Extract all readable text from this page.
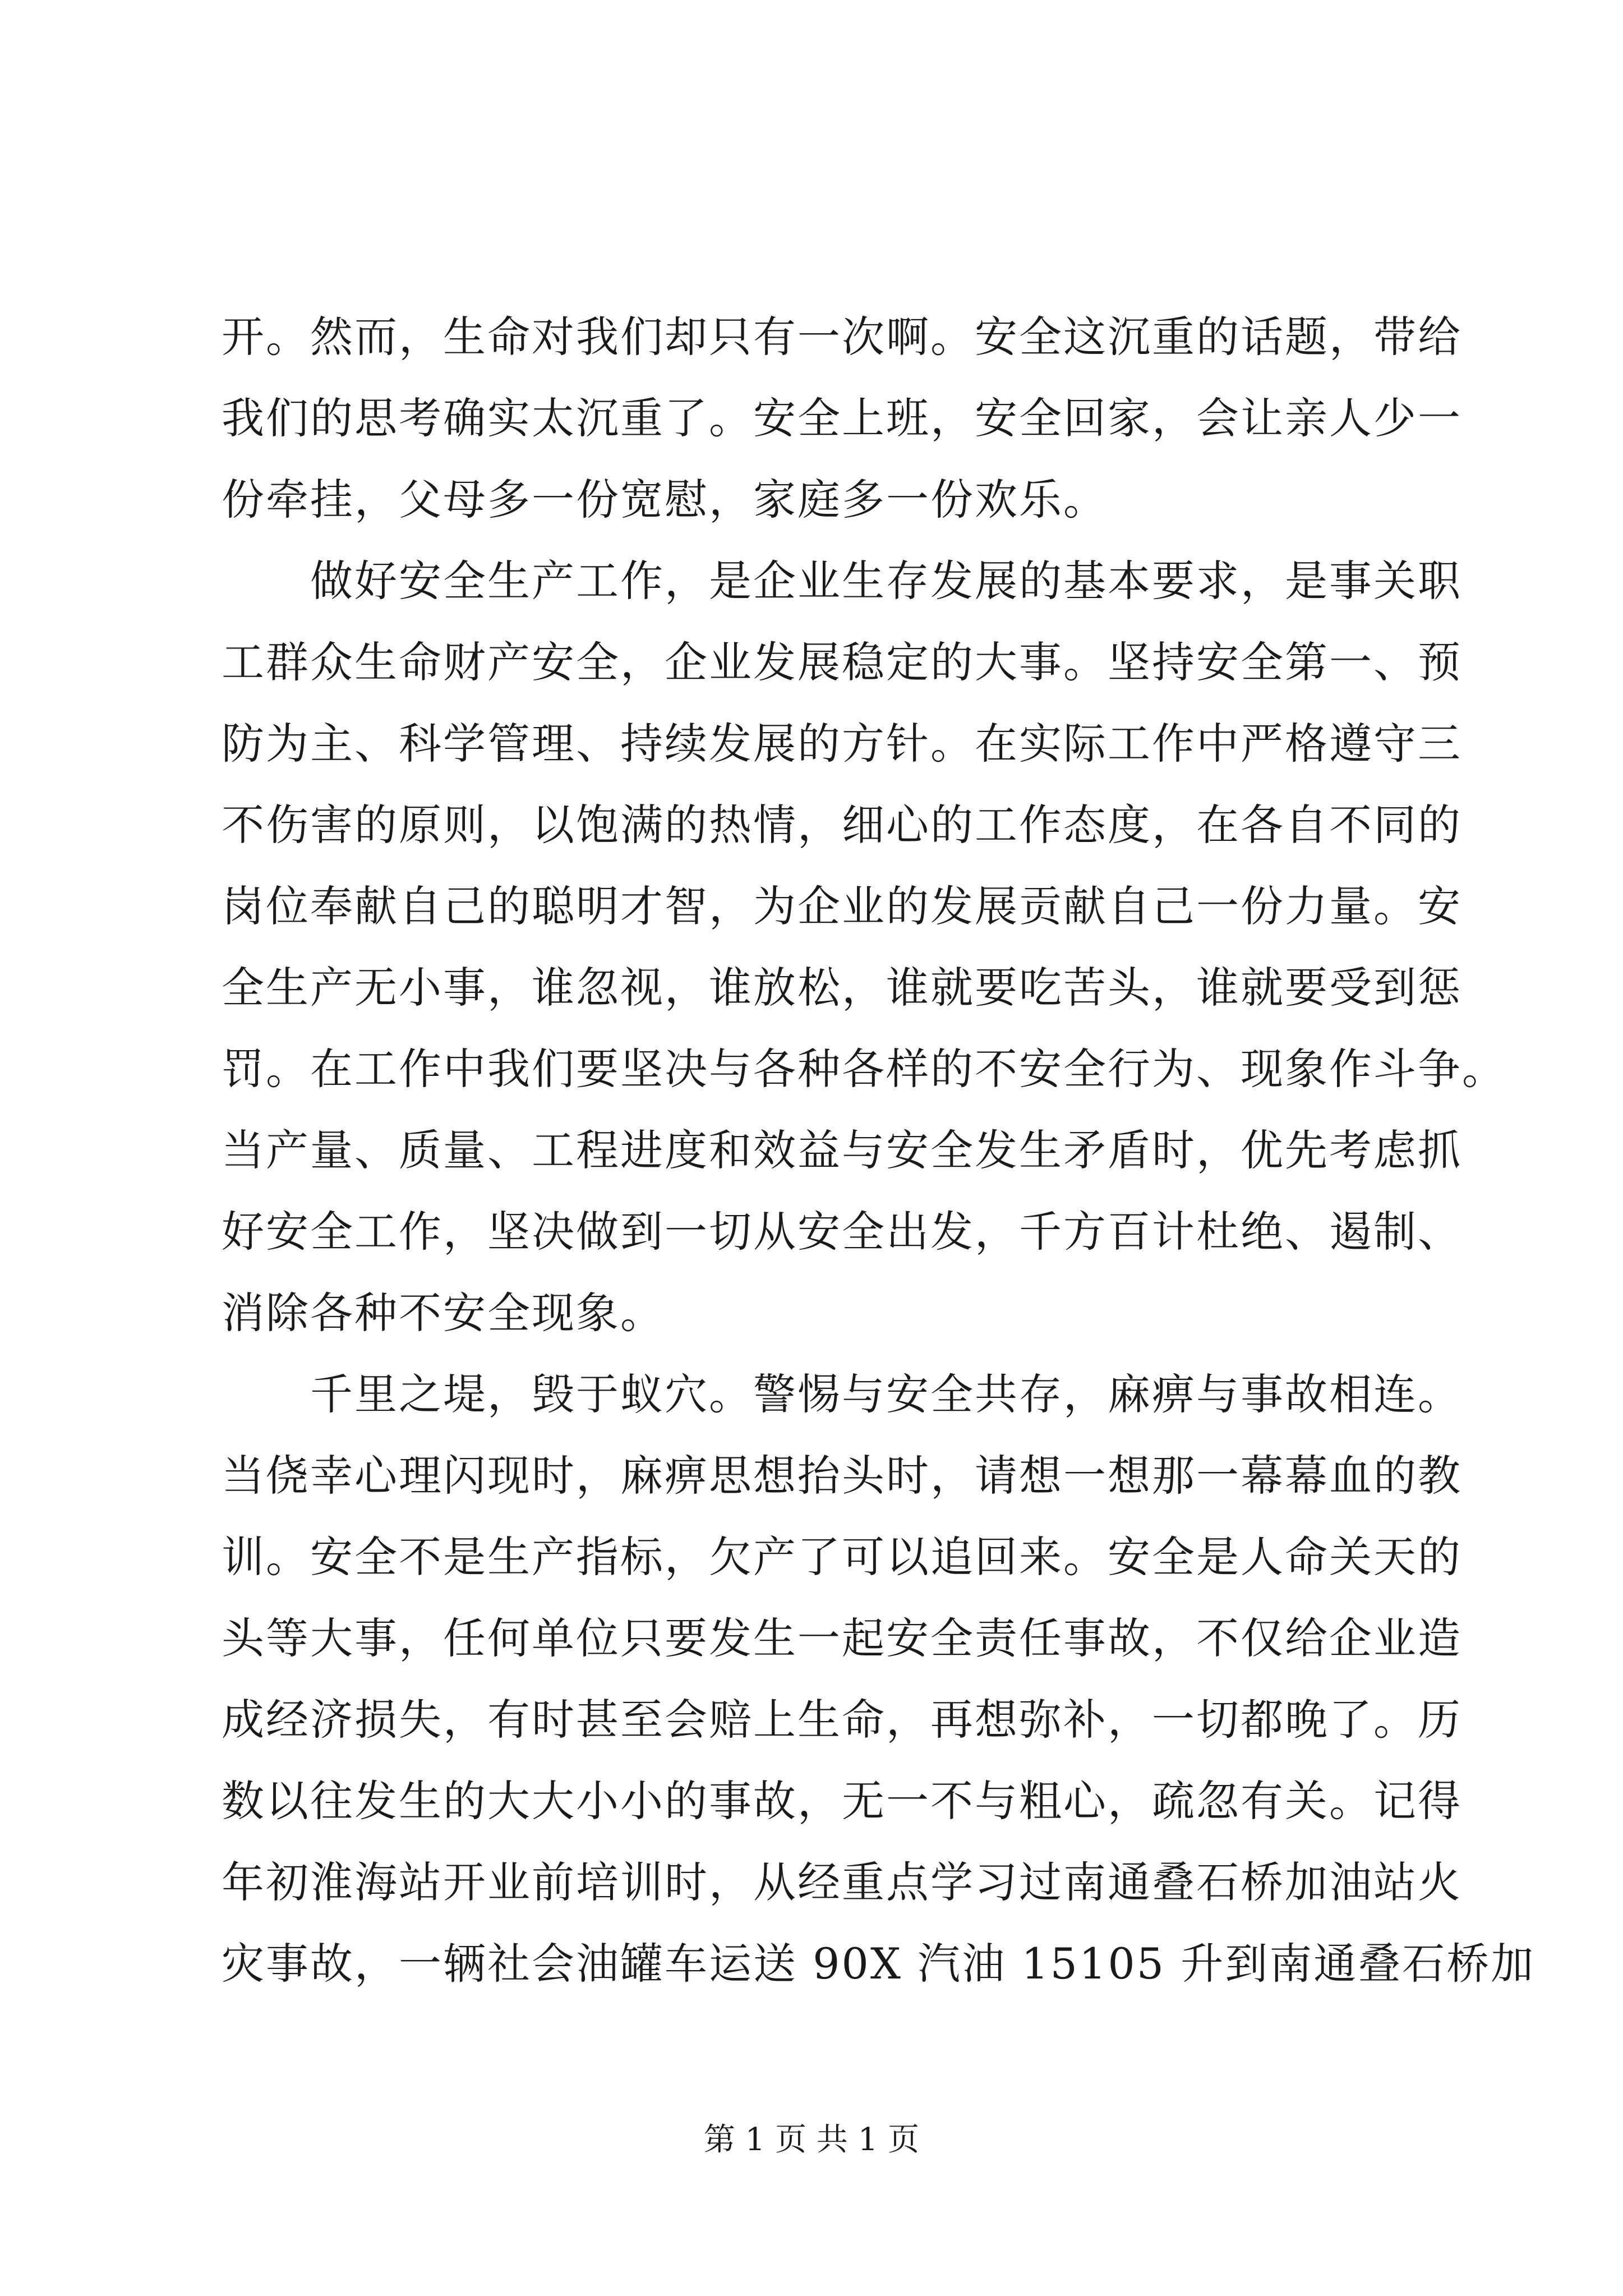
开。然而，生命对我们却只有一次啊。安全这沉重的话题，带给
我们的思考确实太沉重了。安全上班，安全回家，会让亲人少一
份牵挂，父母多一份宽慰，家庭多一份欢乐。
　　做好安全生产工作，是企业生存发展的基本要求，是事关职
工群众生命财产安全，企业发展稳定的大事。坚持安全第一、预
防为主、科学管理、持续发展的方针。在实际工作中严格遵守三
不伤害的原则，以饱满的热情，细心的工作态度，在各自不同的
岗位奉献自己的聪明才智，为企业的发展贡献自己一份力量。安
全生产无小事，谁忽视，谁放松，谁就要吃苦头，谁就要受到惩
罚。在工作中我们要坚决与各种各样的不安全行为、现象作斗争。
当产量、质量、工程进度和效益与安全发生矛盾时，优先考虑抓
好安全工作，坚决做到一切从安全出发，千方百计杜绝、遏制、
消除各种不安全现象。
　　千里之堤，毁于蚁穴。警惕与安全共存，麻痹与事故相连。
当侥幸心理闪现时，麻痹思想抬头时，请想一想那一幕幕血的教
训。安全不是生产指标，欠产了可以追回来。安全是人命关天的
头等大事，任何单位只要发生一起安全责任事故，不仅给企业造
成经济损失，有时甚至会赔上生命，再想弥补，一切都晚了。历
数以往发生的大大小小的事故，无一不与粗心，疏忽有关。记得
年初淮海站开业前培训时，从经重点学习过南通叠石桥加油站火
灾事故，一辆社会油罐车运送 90X 汽油 15105 升到南通叠石桥加
第 1 页 共 1 页
